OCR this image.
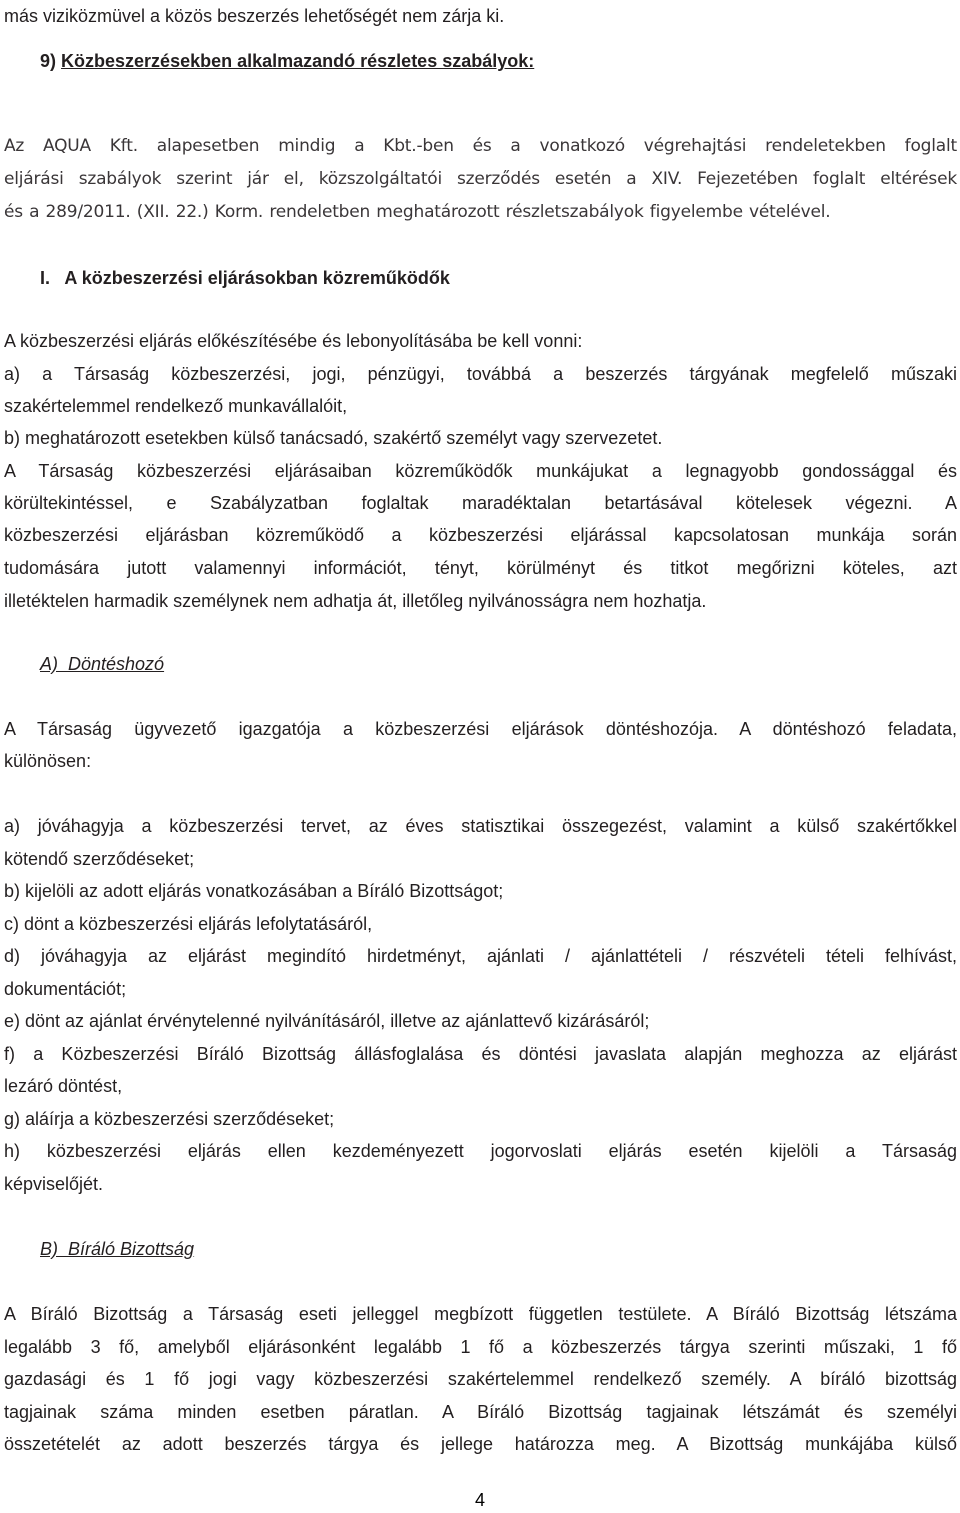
más viziközmüvel a közös beszerzés lehetőségét nem zárja ki.

9) Közbeszerzésekben alkalmazandó részletes szabályok:

Az AQUA Kft. alapesetben mindig a Kbt.-ben és a vonatkozó végrehajtási rendeletekben foglalt

eljárási szabályok szerint jár el, közszolgáltatói szerződés esetén a XIV. Fejezetében foglalt eltérések

és a 289/2011. (XII. 22.) Korm. rendeletben meghatározott részletszabályok figyelembe vételével.

I. A közbeszerzési eljárásokban közreműködők

A közbeszerzési eljárás előkészítésébe és lebonyolításába be kell vonni:

a) a Társaság közbeszerzési, jogi, pénzügyi, továbbá a beszerzés tárgyának megfelelő műszaki

szakértelemmel rendelkező munkavállalóit,

b) meghatározott esetekben külső tanácsadó, szakértő személyt vagy szervezetet.

A Társaság közbeszerzési eljárásaiban közreműködők munkájukat a legnagyobb gondossággal és

körültekintéssel, e Szabályzatban foglaltak maradéktalan betartásával kötelesek végezni. A

közbeszerzési eljárásban közreműködő a közbeszerzési eljárással kapcsolatosan munkája során

tudomására jutott valamennyi információt, tényt, körülményt és titkot megőrizni köteles, azt

illetéktelen harmadik személynek nem adhatja át, illetőleg nyilvánosságra nem hozhatja.

A)  Döntéshozó

A Társaság ügyvezető igazgatója a közbeszerzési eljárások döntéshozója. A döntéshozó feladata,

különösen:

a) jóváhagyja a közbeszerzési tervet, az éves statisztikai összegezést, valamint a külső szakértőkkel

kötendő szerződéseket;

b) kijelöli az adott eljárás vonatkozásában a Bíráló Bizottságot;

c) dönt a közbeszerzési eljárás lefolytatásáról,

d) jóváhagyja az eljárást megindító hirdetményt, ajánlati / ajánlattételi / részvételi tételi felhívást,

dokumentációt;

e) dönt az ajánlat érvénytelenné nyilvánításáról, illetve az ajánlattevő kizárásáról;

f) a Közbeszerzési Bíráló Bizottság állásfoglalása és döntési javaslata alapján meghozza az eljárást

lezáró döntést,

g) aláírja a közbeszerzési szerződéseket;

h) közbeszerzési eljárás ellen kezdeményezett jogorvoslati eljárás esetén kijelöli a Társaság

képviselőjét.

B)  Bíráló Bizottság

A Bíráló Bizottság a Társaság eseti jelleggel megbízott független testülete. A Bíráló Bizottság létszáma

legalább 3 fő, amelyből eljárásonként legalább 1 fő a közbeszerzés tárgya szerinti műszaki, 1 fő

gazdasági és 1 fő jogi vagy közbeszerzési szakértelemmel rendelkező személy. A bíráló bizottság

tagjainak száma minden esetben páratlan. A Bíráló Bizottság tagjainak létszámát és személyi

összetételét az adott beszerzés tárgya és jellege határozza meg. A Bizottság munkájába külső

4
